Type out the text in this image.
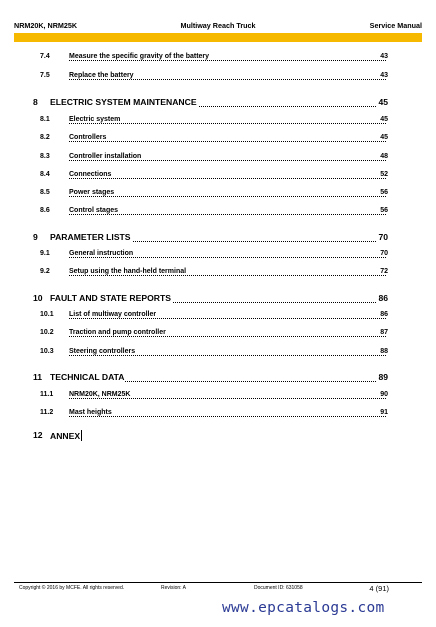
NRM20K, NRM25K	Multiway Reach Truck	Service Manual
7.4	Measure the specific gravity of the battery	43
7.5	Replace the battery	43
8 ELECTRIC SYSTEM MAINTENANCE	45
8.1	Electric system	45
8.2	Controllers	45
8.3	Controller installation	48
8.4	Connections	52
8.5	Power stages	56
8.6	Control stages	56
9 PARAMETER LISTS	70
9.1	General instruction	70
9.2	Setup using the hand-held terminal	72
10 FAULT AND STATE REPORTS	86
10.1 List of multiway controller	86
10.2 Traction and pump controller	87
10.3 Steering controllers	88
11 TECHNICAL DATA	89
11.1 NRM20K, NRM25K	90
11.2 Mast heights	91
12 ANNEX
Copyright © 2016 by MCFE. All rights reserved.	Revision: A	Document ID: 631058	4 (91)
www.epcatalogs.com
